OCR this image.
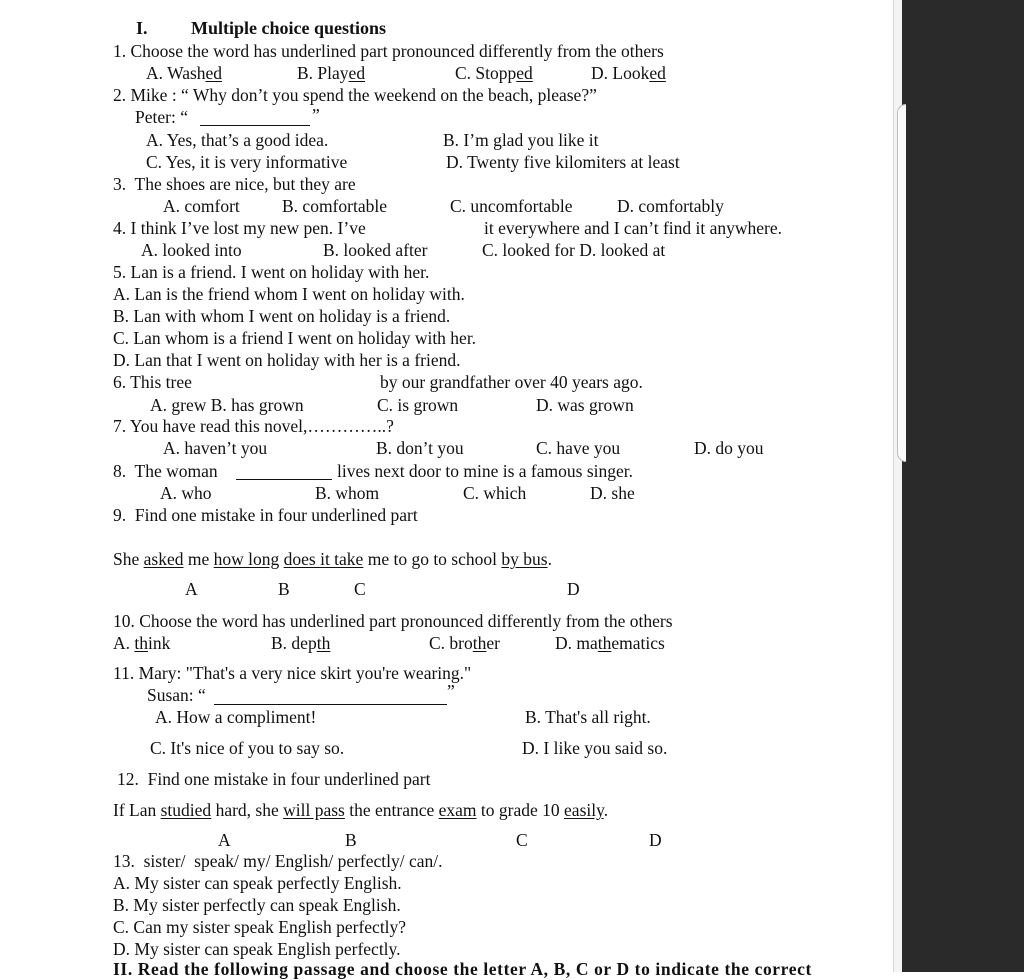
I. Multiple choice questions
1. Choose the word has underlined part pronounced differently from the others
A. Washed	B. Played	C. Stopped	D. Looked
2. Mike : “ Why don’t you spend the weekend on the beach, please?”
Peter: “	”
A. Yes, that’s a good idea.	B. I’m glad you like it
C. Yes, it is very informative	D. Twenty five kilomiters at least
3.  The shoes are nice, but they are
A. comfort B. comfortable	C. uncomfortable	D. comfortably
4. I think I’ve lost my new pen. I’ve	it everywhere and I can’t find it anywhere.
A. looked into	B. looked after	C. looked for D. looked at
5. Lan is a friend. I went on holiday with her.
A. Lan is the friend whom I went on holiday with.
B. Lan with whom I went on holiday is a friend.
C. Lan whom is a friend I went on holiday with her.
D. Lan that I went on holiday with her is a friend.
6. This tree	by our grandfather over 40 years ago.
A. grew B. has grown	C. is grown	D. was grown
7. You have read this novel,…………..?
A. haven’t you	B. don’t you	C. have you	D. do you
8.  The woman	lives next door to mine is a famous singer.
A. who	B. whom	C. which	D. she
9.  Find one mistake in four underlined part
She asked me how long does it take me to go to school by bus.
A	B	C	D
10. Choose the word has underlined part pronounced differently from the others
A. think	B. depth	C. brother	D. mathematics
11. Mary: "That's a very nice skirt you're wearing."
Susan: “	”
A. How a compliment!	B. That's all right.
C. It's nice of you to say so.	D. I like you said so.
12.  Find one mistake in four underlined part
If Lan studied hard, she will pass the entrance exam to grade 10 easily.
A	B	C	D
13.  sister/  speak/ my/ English/ perfectly/ can/.
A. My sister can speak perfectly English.
B. My sister perfectly can speak English.
C. Can my sister speak English perfectly?
D. My sister can speak English perfectly.
II. Read the following passage and choose the letter A, B, C or D to indicate the correct
